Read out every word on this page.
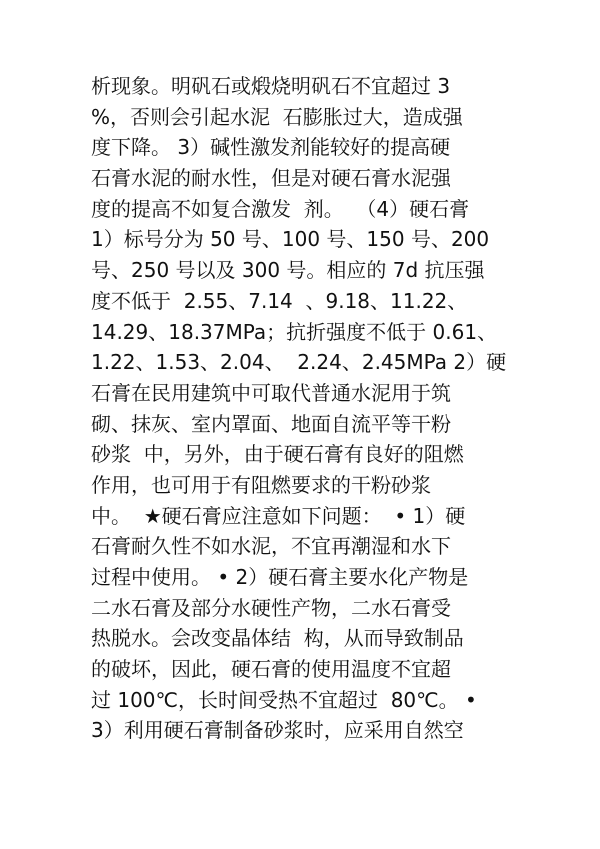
析现象。明矾石或煅烧明矾石不宜超过 3
%，否则会引起水泥  石膨胀过大，造成强
度下降。 3）碱性激发剂能较好的提高硬
石膏水泥的耐水性，但是对硬石膏水泥强
度的提高不如复合激发  剂。  （4）硬石膏
1）标号分为 50 号、100 号、150 号、200
号、250 号以及 300 号。相应的 7d 抗压强
度不低于  2.55、7.14  、9.18、11.22、
14.29、18.37MPa；抗折强度不低于 0.61、
1.22、1.53、2.04、  2.24、2.45MPa 2）硬
石膏在民用建筑中可取代普通水泥用于筑
砌、抹灰、室内罩面、地面自流平等干粉
砂浆  中，另外，由于硬石膏有良好的阻燃
作用，也可用于有阻燃要求的干粉砂浆
中。  ★硬石膏应注意如下问题：  • 1）硬
石膏耐久性不如水泥，不宜再潮湿和水下
过程中使用。 • 2）硬石膏主要水化产物是
二水石膏及部分水硬性产物，二水石膏受
热脱水。会改变晶体结  构，从而导致制品
的破坏，因此，硬石膏的使用温度不宜超
过 100℃，长时间受热不宜超过  80℃。 •
3）利用硬石膏制备砂浆时，应采用自然空
